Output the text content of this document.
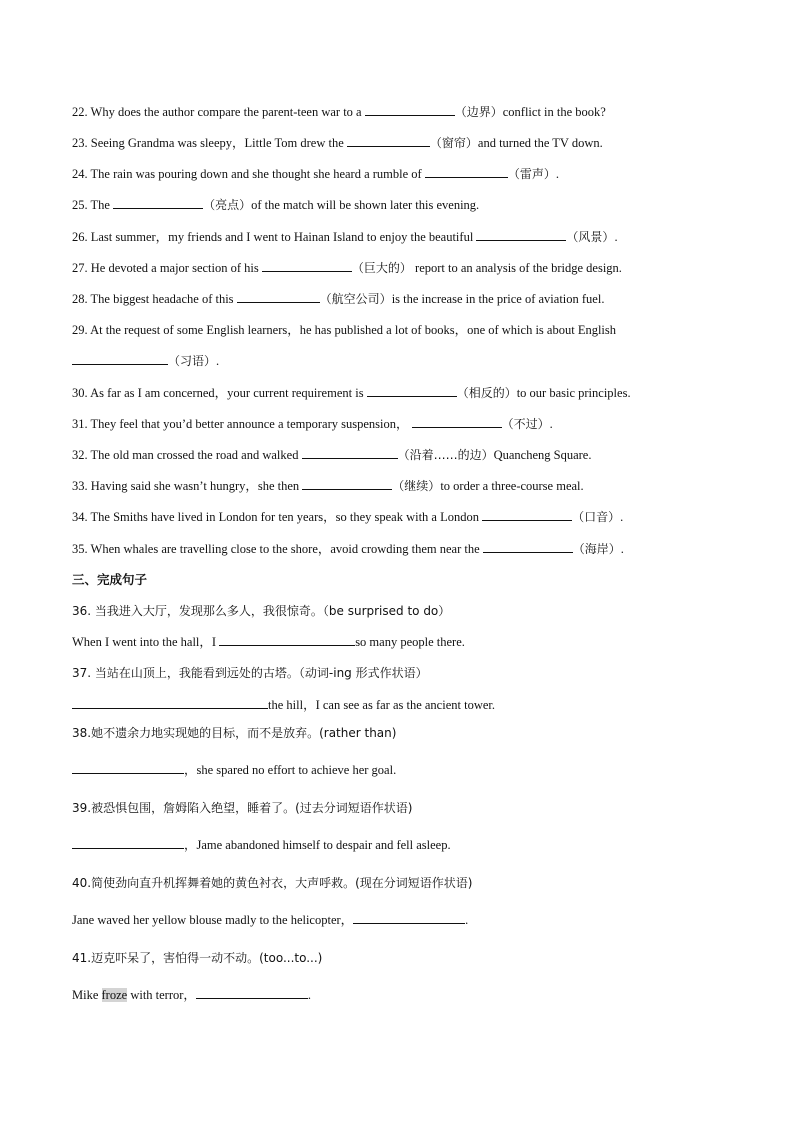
22. Why does the author compare the parent-teen war to a	（边界）conflict in the book?
23. Seeing Grandma was sleepy，Little Tom drew the	（窗帘）and turned the TV down.
24. The rain was pouring down and she thought she heard a rumble of	（雷声）.
25. The	（亮点）of the match will be shown later this evening.
26. Last summer，my friends and I went to Hainan Island to enjoy the beautiful	（风景）.
27. He devoted a major section of his	（巨大的） report to an analysis of the bridge design.
28. The biggest headache of this	（航空公司）is the increase in the price of aviation fuel.
29. At the request of some English learners，he has published a lot of books，one of which is about English
（习语）.
30. As far as I am concerned，your current requirement is	（相反的）to our basic principles.
31. They feel that you’d better announce a temporary suspension，	（不过）.
32. The old man crossed the road and walked	（沿着……的边）Quancheng Square.
33. Having said she wasn’t hungry，she then	（继续）to order a three-course meal.
34. The Smiths have lived in London for ten years，so they speak with a London	（口音）.
35. When whales are travelling close to the shore，avoid crowding them near the	（海岸）.
三、完成句子
36. 当我进入大厅，发现那么多人，我很惊奇。（be surprised to do）
When I went into the hall，I	so many people there.
37. 当站在山顶上，我能看到远处的古塔。（动词-ing 形式作状语）
the hill，I can see as far as the ancient tower.
38.她不遗余力地实现她的目标，而不是放弃。(rather than)
，she spared no effort to achieve her goal.
39.被恐惧包围，詹姆陷入绝望，睡着了。(过去分词短语作状语)
，Jame abandoned himself to despair and fell asleep.
40.简使劲向直升机挥舞着她的黄色衬衣，大声呼救。(现在分词短语作状语)
Jane waved her yellow blouse madly to the helicopter，	.
41.迈克吓呆了，害怕得一动不动。(too...to...)
Mike froze with terror，	.
